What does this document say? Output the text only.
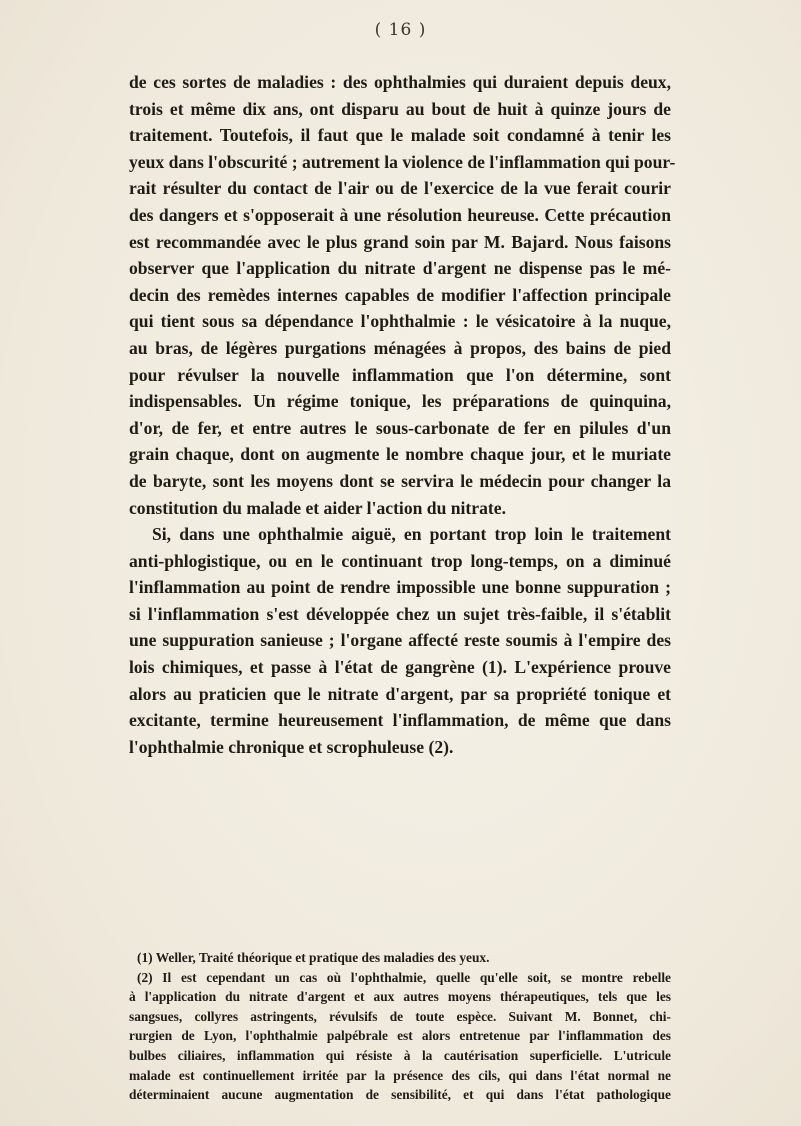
( 16 )
de ces sortes de maladies : des ophthalmies qui duraient depuis deux,
trois et même dix ans, ont disparu au bout de huit à quinze jours de
traitement. Toutefois, il faut que le malade soit condamné à tenir les
yeux dans l'obscurité ; autrement la violence de l'inflammation qui pour-
rait résulter du contact de l'air ou de l'exercice de la vue ferait courir
des dangers et s'opposerait à une résolution heureuse. Cette précaution
est recommandée avec le plus grand soin par M. Bajard. Nous faisons
observer que l'application du nitrate d'argent ne dispense pas le mé-
decin des remèdes internes capables de modifier l'affection principale
qui tient sous sa dépendance l'ophthalmie : le vésicatoire à la nuque,
au bras, de légères purgations ménagées à propos, des bains de pied
pour révulser la nouvelle inflammation que l'on détermine, sont
indispensables. Un régime tonique, les préparations de quinquina,
d'or, de fer, et entre autres le sous-carbonate de fer en pilules d'un
grain chaque, dont on augmente le nombre chaque jour, et le muriate
de baryte, sont les moyens dont se servira le médecin pour changer la
constitution du malade et aider l'action du nitrate.
Si, dans une ophthalmie aiguë, en portant trop loin le traitement
anti-phlogistique, ou en le continuant trop long-temps, on a diminué
l'inflammation au point de rendre impossible une bonne suppuration ;
si l'inflammation s'est développée chez un sujet très-faible, il s'établit
une suppuration sanieuse ; l'organe affecté reste soumis à l'empire des
lois chimiques, et passe à l'état de gangrène (1). L'expérience prouve
alors au praticien que le nitrate d'argent, par sa propriété tonique et
excitante, termine heureusement l'inflammation, de même que dans
l'ophthalmie chronique et scrophuleuse (2).
(1) Weller, Traité théorique et pratique des maladies des yeux.
(2) Il est cependant un cas où l'ophthalmie, quelle qu'elle soit, se montre rebelle
à l'application du nitrate d'argent et aux autres moyens thérapeutiques, tels que les
sangsues, collyres astringents, révulsifs de toute espèce. Suivant M. Bonnet, chi-
rurgien de Lyon, l'ophthalmie palpébrale est alors entretenue par l'inflammation des
bulbes ciliaires, inflammation qui résiste à la cautérisation superficielle. L'utricule
malade est continuellement irritée par la présence des cils, qui dans l'état normal ne
déterminaient aucune augmentation de sensibilité, et qui dans l'état pathologique
